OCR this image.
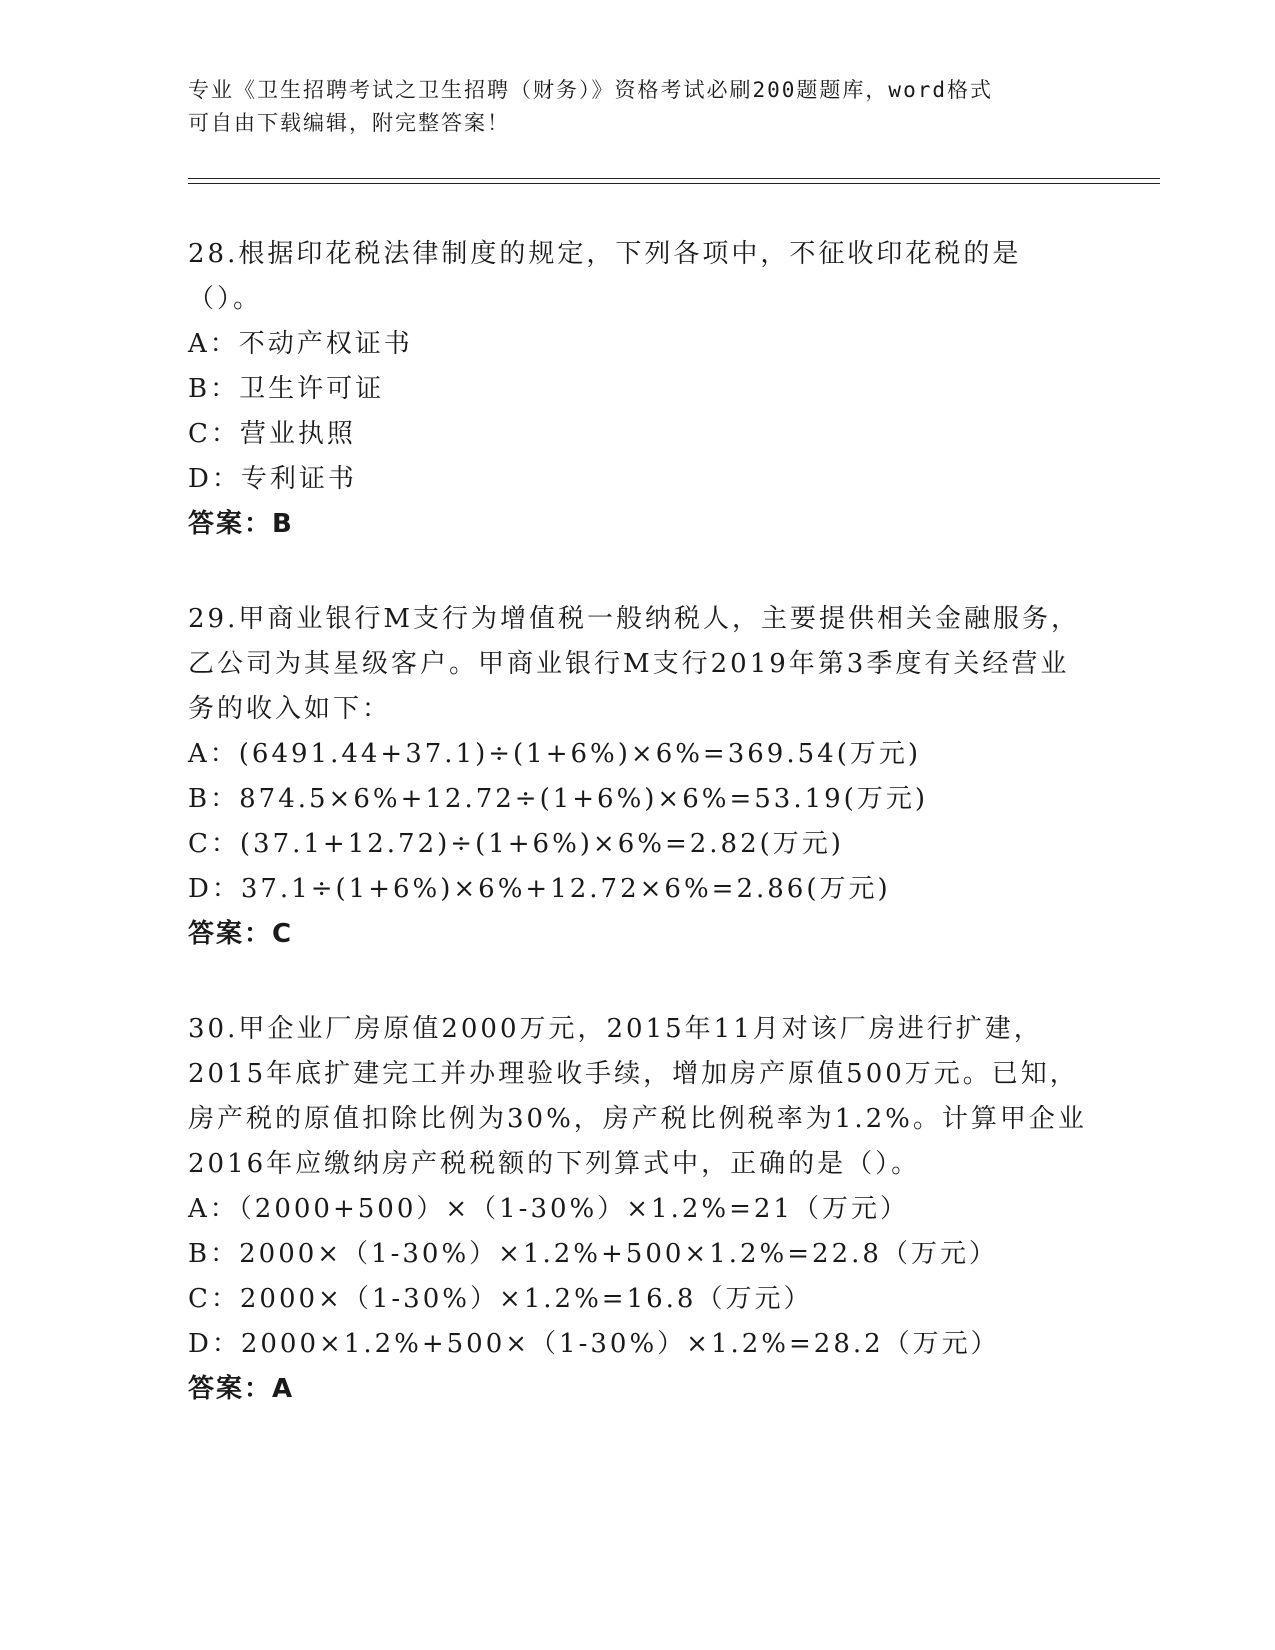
专业《卫生招聘考试之卫生招聘（财务）》资格考试必刷200题题库，word格式
可自由下载编辑，附完整答案！

28.根据印花税法律制度的规定，下列各项中，不征收印花税的是（）。

A：不动产权证书

B：卫生许可证

C：营业执照

D：专利证书

答案：B

29.甲商业银行M支行为增值税一般纳税人，主要提供相关金融服务，乙公司为其星级客户。甲商业银行M支行2019年第3季度有关经营业务的收入如下：

A：(6491.44+37.1)÷(1+6%)×6%=369.54(万元)

B：874.5×6%+12.72÷(1+6%)×6%=53.19(万元)

C：(37.1+12.72)÷(1+6%)×6%=2.82(万元)

D：37.1÷(1+6%)×6%+12.72×6%=2.86(万元)

答案：C

30.甲企业厂房原值2000万元，2015年11月对该厂房进行扩建，2015年底扩建完工并办理验收手续，增加房产原值500万元。已知，房产税的原值扣除比例为30%，房产税比例税率为1.2%。计算甲企业2016年应缴纳房产税税额的下列算式中，正确的是（）。

A：（2000+500）×（1-30%）×1.2%=21（万元）

B：2000×（1-30%）×1.2%+500×1.2%=22.8（万元）

C：2000×（1-30%）×1.2%=16.8（万元）

D：2000×1.2%+500×（1-30%）×1.2%=28.2（万元）

答案：A
